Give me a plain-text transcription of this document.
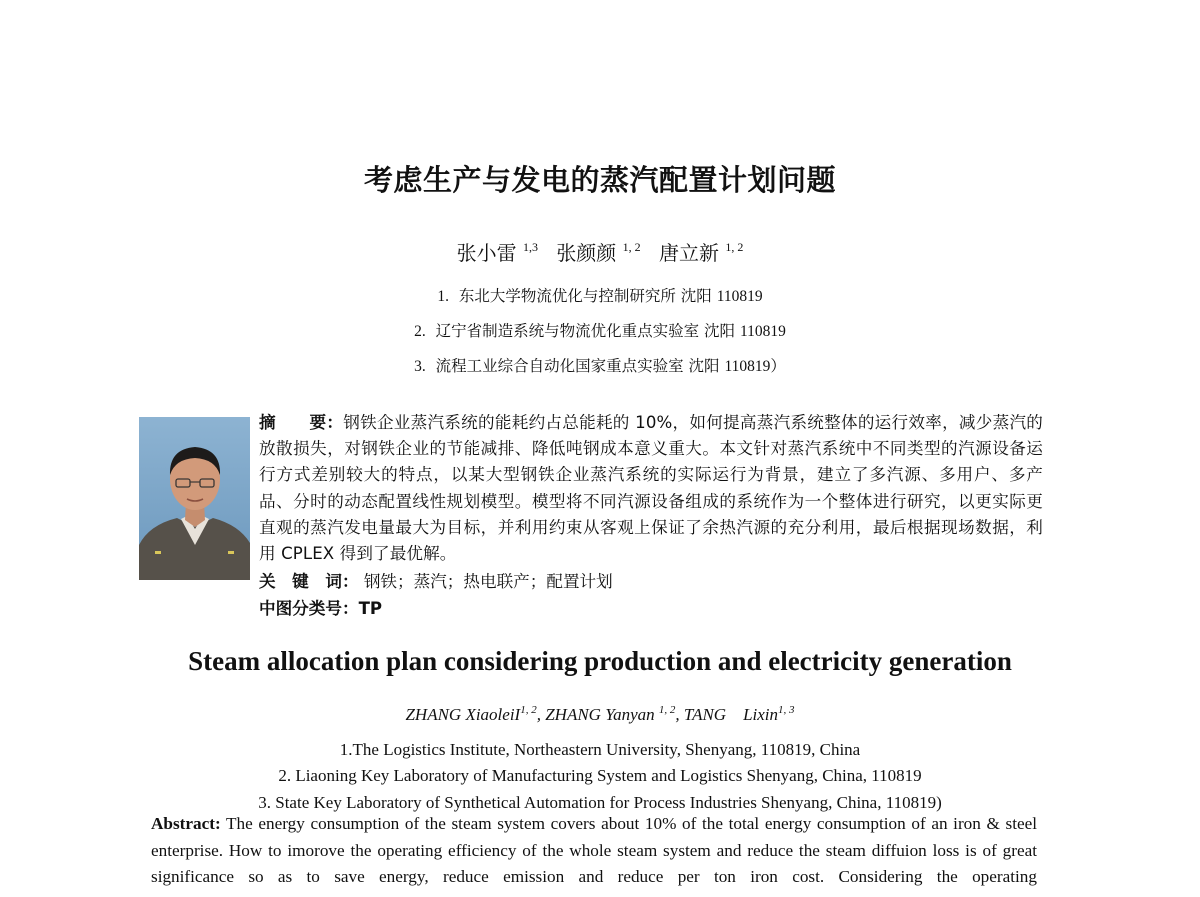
考虑生产与发电的蒸汽配置计划问题
张小雷 $^{1,3}$ 张颜颜 $^{1, 2}$ 唐立新 $^{1, 2}$
1. 东北大学物流优化与控制研究所 沈阳 110819
2. 辽宁省制造系统与物流优化重点实验室 沈阳 110819
3. 流程工业综合自动化国家重点实验室 沈阳 110819）
摘　　要：钢铁企业蒸汽系统的能耗约占总能耗的 10%，如何提高蒸汽系统整体的运行效率，减少蒸汽的放散损失，对钢铁企业的节能减排、降低吨钢成本意义重大。本文针对蒸汽系统中不同类型的汽源设备运行方式差别较大的特点，以某大型钢铁企业蒸汽系统的实际运行为背景，建立了多汽源、多用户、多产品、分时的动态配置线性规划模型。模型将不同汽源设备组成的系统作为一个整体进行研究，以更实际更直观的蒸汽发电量最大为目标，并利用约束从客观上保证了余热汽源的充分利用，最后根据现场数据，利用 CPLEX 得到了最优解。
关　键　词： 钢铁；蒸汽；热电联产；配置计划
中图分类号：TP
Steam allocation plan considering production and electricity generation
ZHANG XiaoleiI$^{1, 2}$, ZHANG Yanyan $^{1, 2}$, TANG　Lixin$^{1, 3}$
1.The Logistics Institute, Northeastern University, Shenyang, 110819, China
2. Liaoning Key Laboratory of Manufacturing System and Logistics Shenyang, China, 110819
3. State Key Laboratory of Synthetical Automation for Process Industries Shenyang, China, 110819)
Abstract: The energy consumption of the steam system covers about 10% of the total energy consumption of an iron & steel enterprise. How to imorove the operating efficiency of the whole steam system and reduce the steam diffuion loss is of great significance so as to save energy, reduce emission and reduce per ton iron cost. Considering the operating
